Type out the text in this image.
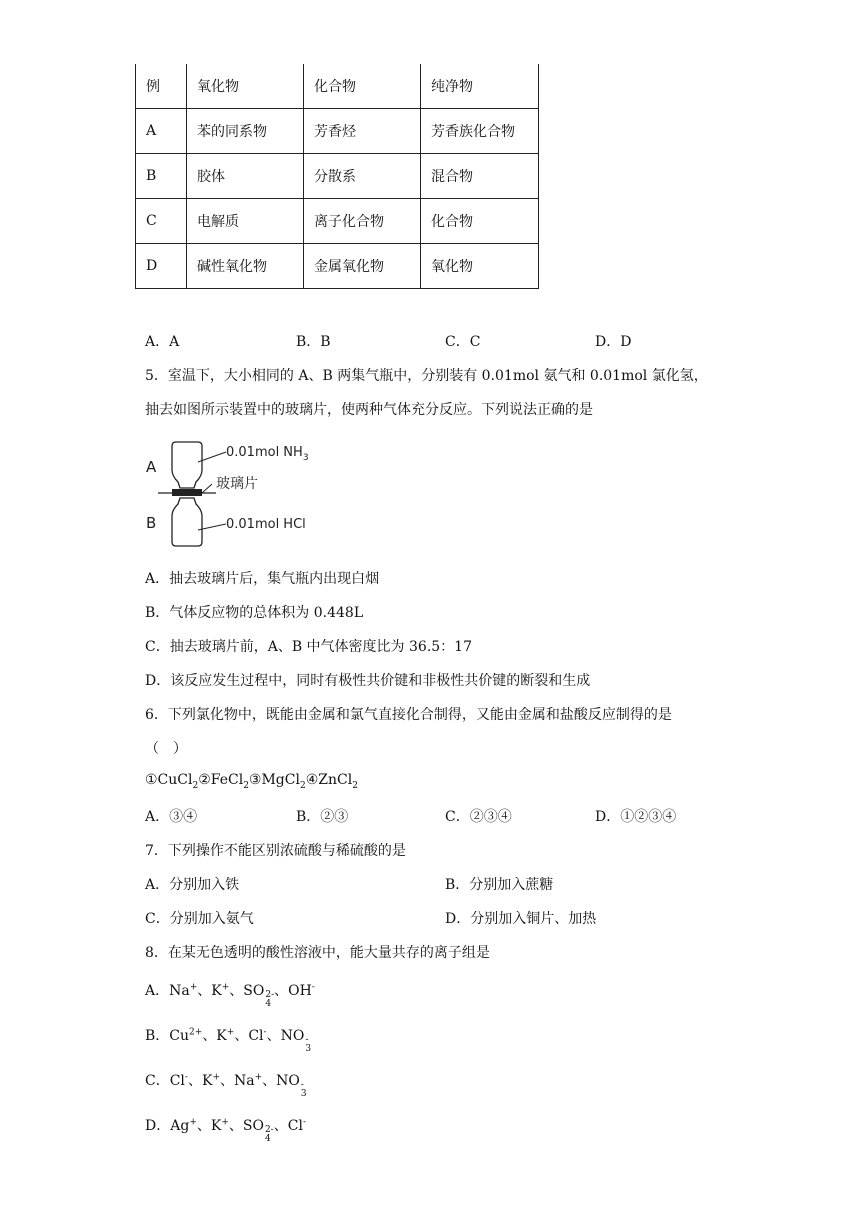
例	氧化物	化合物	纯净物
A	苯的同系物	芳香烃	芳香族化合物
B	胶体	分散系	混合物
C	电解质	离子化合物	化合物
D	碱性氧化物	金属氧化物	氧化物
A．A	B．B	C．C	D．D
5．室温下，大小相同的 A、B 两集气瓶中，分别装有 0.01mol 氨气和 0.01mol 氯化氢，
抽去如图所示装置中的玻璃片，使两种气体充分反应。下列说法正确的是
A
B
0.01mol $NH_3$
玻璃片
0.01mol HCl
A．抽去玻璃片后，集气瓶内出现白烟
B．气体反应物的总体积为 0.448L
C．抽去玻璃片前，A、B 中气体密度比为 36.5：17
D．该反应发生过程中，同时有极性共价键和非极性共价键的断裂和生成
6．下列氯化物中，既能由金属和氯气直接化合制得，又能由金属和盐酸反应制得的是
（　）
①CuCl$_2$②FeCl$_2$③MgCl$_2$④ZnCl$_2$
A．③④	B．②③	C．②③④	D．①②③④
7．下列操作不能区别浓硫酸与稀硫酸的是
A．分别加入铁	B．分别加入蔗糖
C．分别加入氨气	D．分别加入铜片、加热
8．在某无色透明的酸性溶液中，能大量共存的离子组是
A．Na+、K+、SO 2-
4
、OH-
B．$Cu^{2+}$、K+、Cl-、NO -
3
C．Cl-、K+、Na+、NO -
3
D．Ag+、K+、SO 2-
4
、Cl-
